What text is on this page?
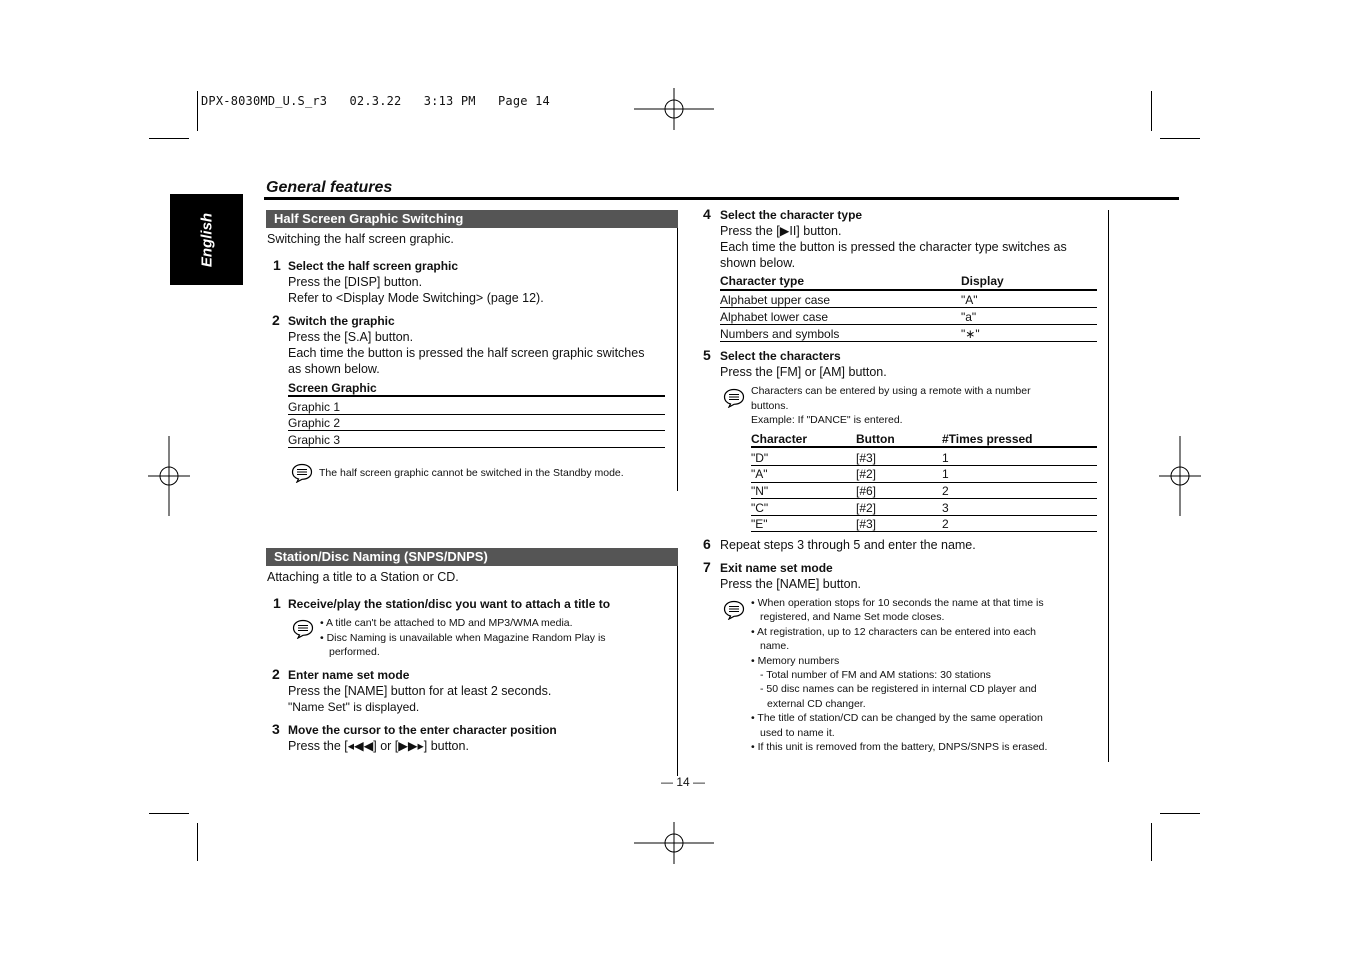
DPX-8030MD_U.S_r3   02.3.22   3:13 PM   Page 14
English
General features
Half Screen Graphic Switching
Switching the half screen graphic.
1 Select the half screen graphic
Press the [DISP] button.
Refer to <Display Mode Switching> (page 12).
2 Switch the graphic
Press the [S.A] button.
Each time the button is pressed the half screen graphic switches
as shown below.
Screen Graphic
Graphic 1
Graphic 2
Graphic 3
The half screen graphic cannot be switched in the Standby mode.
Station/Disc Naming (SNPS/DNPS)
Attaching a title to a Station or CD.
1 Receive/play the station/disc you want to attach a title to
• A title can't be attached to MD and MP3/WMA media.
• Disc Naming is unavailable when Magazine Random Play is
performed.
2 Enter name set mode
Press the [NAME] button for at least 2 seconds.
"Name Set" is displayed.
3 Move the cursor to the enter character position
Press the [◂◀◀] or [▶▶▸] button.
4 Select the character type
Press the [▶II] button.
Each time the button is pressed the character type switches as
shown below.
Character type	Display
Alphabet upper case	"A"
Alphabet lower case	"a"
Numbers and symbols	"∗"
5 Select the characters
Press the [FM] or [AM] button.
Characters can be entered by using a remote with a number
buttons.
Example: If "DANCE" is entered.
Character	Button	#Times pressed
"D"	[#3]	1
"A"	[#2]	1
"N"	[#6]	2
"C"	[#2]	3
"E"	[#3]	2
6 Repeat steps 3 through 5 and enter the name.
7 Exit name set mode
Press the [NAME] button.
• When operation stops for 10 seconds the name at that time is
registered, and Name Set mode closes.
• At registration, up to 12 characters can be entered into each
name.
• Memory numbers
- Total number of FM and AM stations: 30 stations
- 50 disc names can be registered in internal CD player and
external CD changer.
• The title of station/CD can be changed by the same operation
used to name it.
• If this unit is removed from the battery, DNPS/SNPS is erased.
— 14 —
